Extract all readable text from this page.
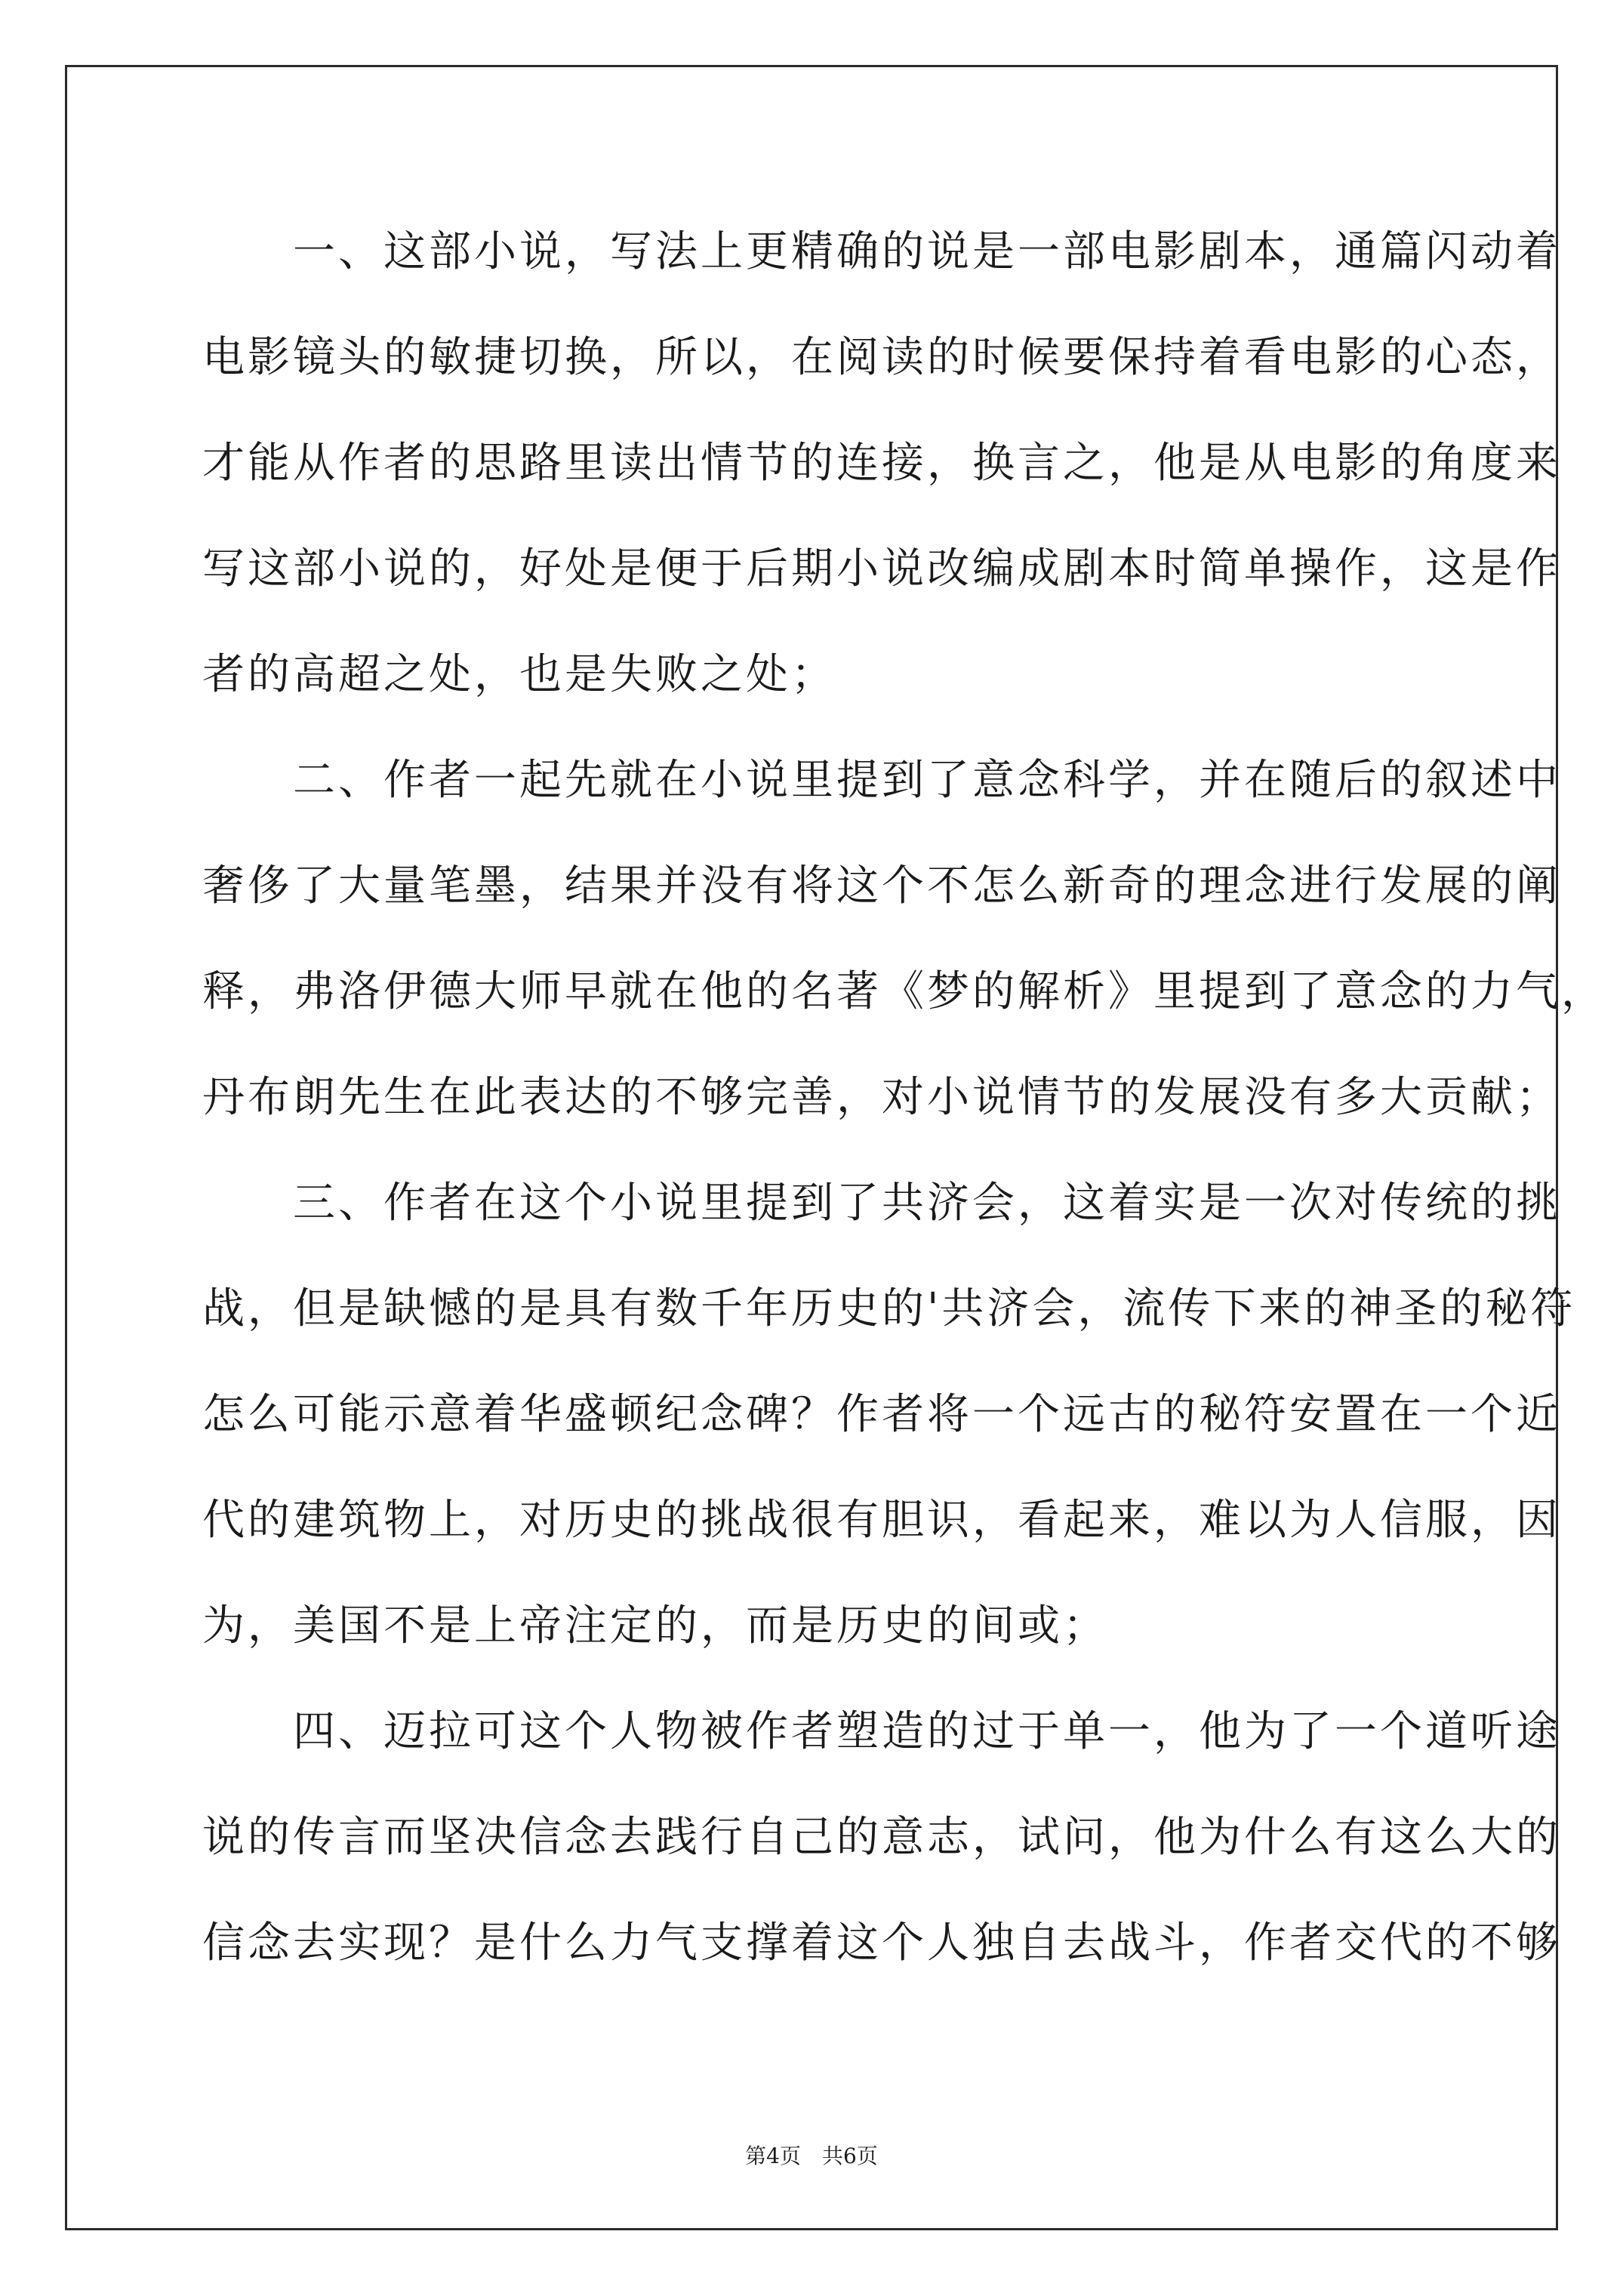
　　一、这部小说，写法上更精确的说是一部电影剧本，通篇闪动着
电影镜头的敏捷切换，所以，在阅读的时候要保持着看电影的心态，
才能从作者的思路里读出情节的连接，换言之，他是从电影的角度来
写这部小说的，好处是便于后期小说改编成剧本时简单操作，这是作
者的高超之处，也是失败之处；
　　二、作者一起先就在小说里提到了意念科学，并在随后的叙述中
奢侈了大量笔墨，结果并没有将这个不怎么新奇的理念进行发展的阐
释，弗洛伊德大师早就在他的名著《梦的解析》里提到了意念的力气，
丹布朗先生在此表达的不够完善，对小说情节的发展没有多大贡献；
　　三、作者在这个小说里提到了共济会，这着实是一次对传统的挑
战，但是缺憾的是具有数千年历史的'共济会，流传下来的神圣的秘符
怎么可能示意着华盛顿纪念碑？作者将一个远古的秘符安置在一个近
代的建筑物上，对历史的挑战很有胆识，看起来，难以为人信服，因
为，美国不是上帝注定的，而是历史的间或；
　　四、迈拉可这个人物被作者塑造的过于单一，他为了一个道听途
说的传言而坚决信念去践行自己的意志，试问，他为什么有这么大的
信念去实现？是什么力气支撑着这个人独自去战斗，作者交代的不够
第4页　共6页
